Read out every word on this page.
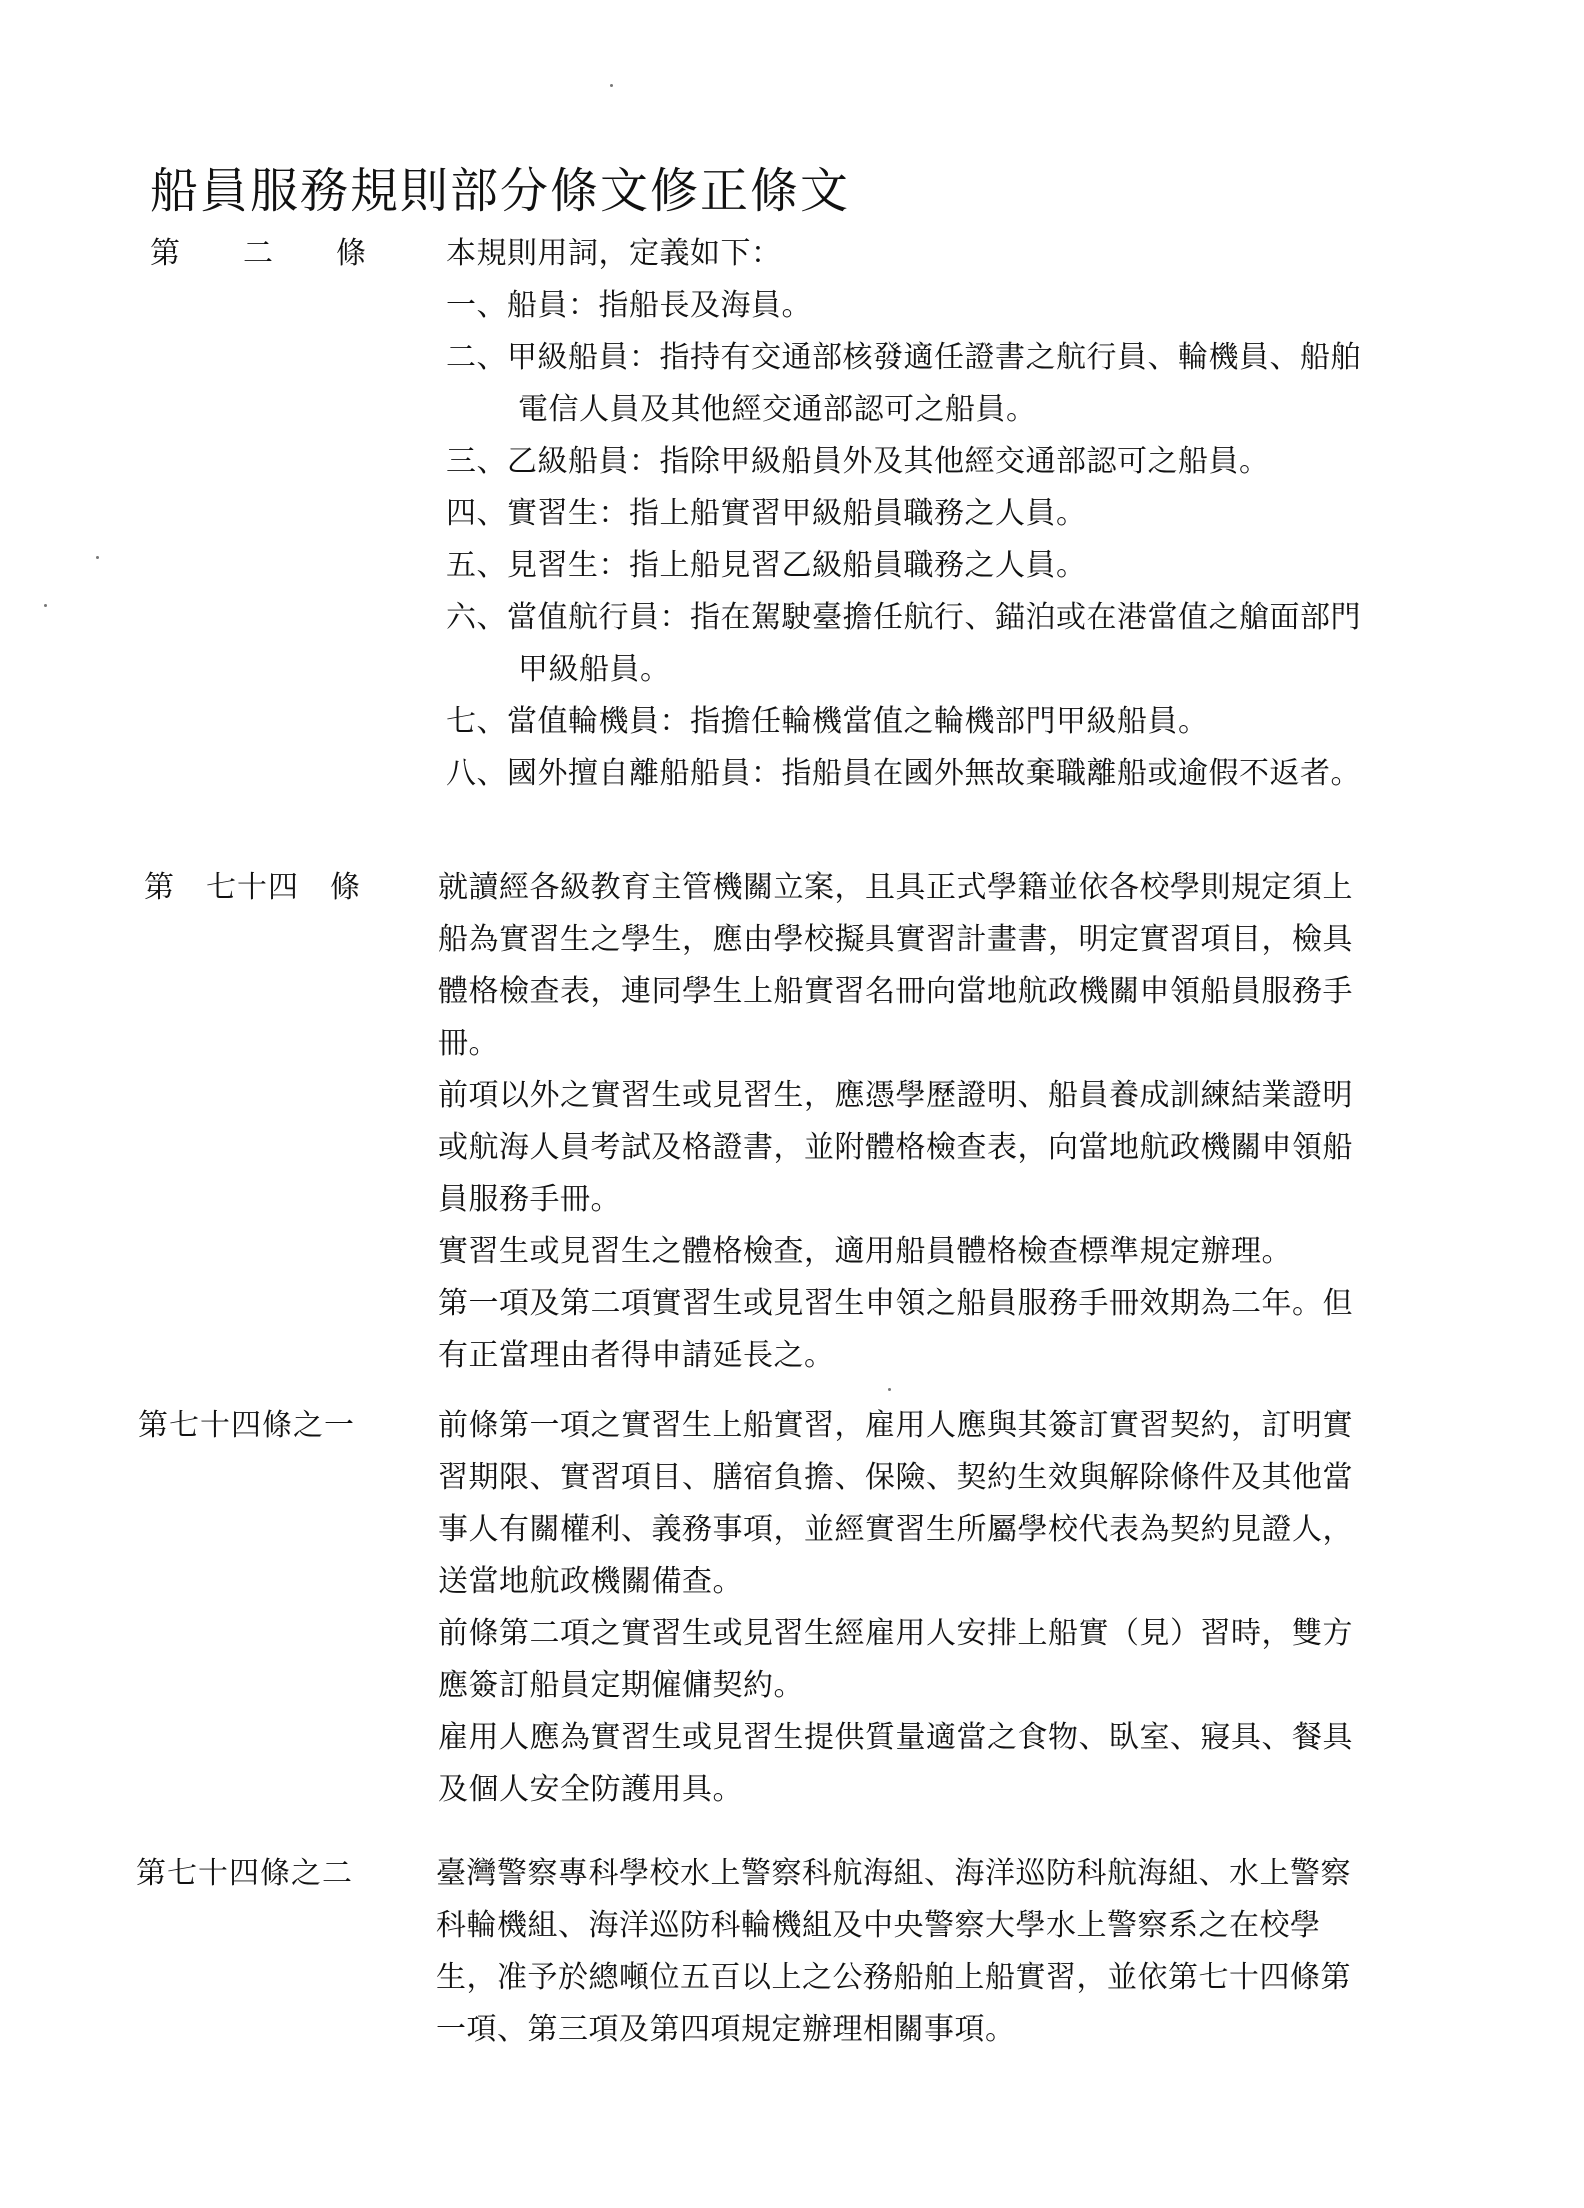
船員服務規則部分條文修正條文
第　　二　　條	本規則用詞，定義如下：
一、船員：指船長及海員。
二、甲級船員：指持有交通部核發適任證書之航行員、輪機員、船舶
電信人員及其他經交通部認可之船員。
三、乙級船員：指除甲級船員外及其他經交通部認可之船員。
四、實習生：指上船實習甲級船員職務之人員。
五、見習生：指上船見習乙級船員職務之人員。
六、當值航行員：指在駕駛臺擔任航行、錨泊或在港當值之艙面部門
甲級船員。
七、當值輪機員：指擔任輪機當值之輪機部門甲級船員。
八、國外擅自離船船員：指船員在國外無故棄職離船或逾假不返者。
第　七十四　條	就讀經各級教育主管機關立案，且具正式學籍並依各校學則規定須上
船為實習生之學生，應由學校擬具實習計畫書，明定實習項目，檢具
體格檢查表，連同學生上船實習名冊向當地航政機關申領船員服務手
冊。
前項以外之實習生或見習生，應憑學歷證明、船員養成訓練結業證明
或航海人員考試及格證書，並附體格檢查表，向當地航政機關申領船
員服務手冊。
實習生或見習生之體格檢查，適用船員體格檢查標準規定辦理。
第一項及第二項實習生或見習生申領之船員服務手冊效期為二年。但
有正當理由者得申請延長之。
第七十四條之一	前條第一項之實習生上船實習，雇用人應與其簽訂實習契約，訂明實
習期限、實習項目、膳宿負擔、保險、契約生效與解除條件及其他當
事人有關權利、義務事項，並經實習生所屬學校代表為契約見證人，
送當地航政機關備查。
前條第二項之實習生或見習生經雇用人安排上船實（見）習時，雙方
應簽訂船員定期僱傭契約。
雇用人應為實習生或見習生提供質量適當之食物、臥室、寢具、餐具
及個人安全防護用具。
第七十四條之二	臺灣警察專科學校水上警察科航海組、海洋巡防科航海組、水上警察
科輪機組、海洋巡防科輪機組及中央警察大學水上警察系之在校學
生，准予於總噸位五百以上之公務船舶上船實習，並依第七十四條第
一項、第三項及第四項規定辦理相關事項。
